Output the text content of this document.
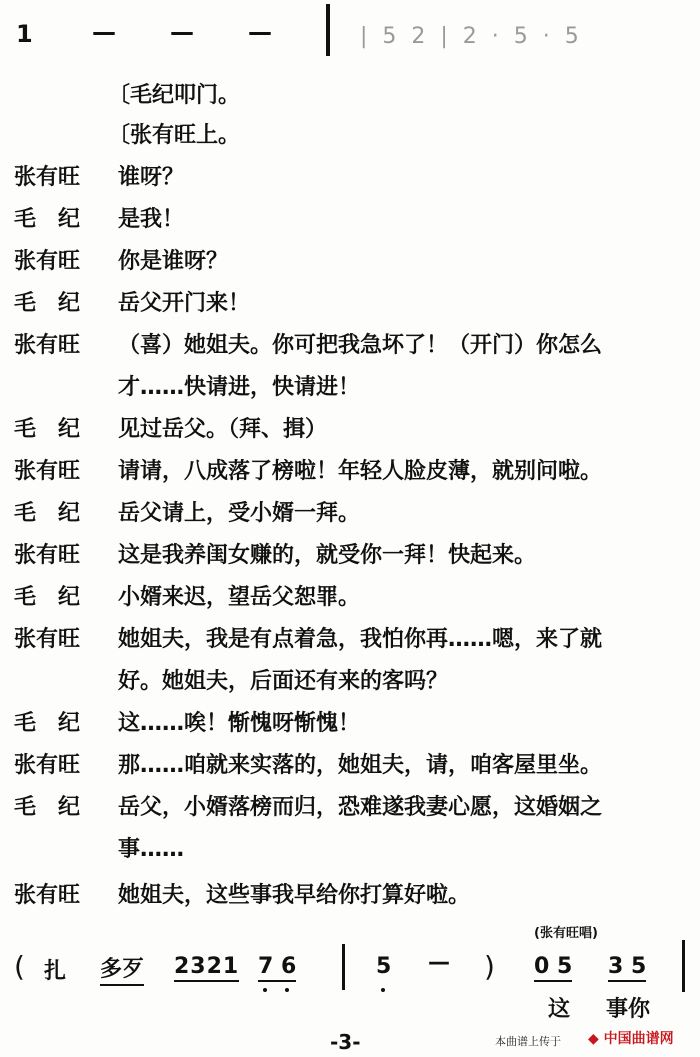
1 — — —	| 5 2 | 2 · 5 · 5
〔毛纪叩门。
〔张有旺上。
张有旺 谁呀？
毛　纪 是我！
张有旺 你是谁呀？
毛　纪 岳父开门来！
张有旺 （喜）她姐夫。你可把我急坏了！（开门）你怎么
才……快请进，快请进！
毛　纪 见过岳父。（拜、揖）
张有旺 请请，八成落了榜啦！年轻人脸皮薄，就别问啦。
毛　纪 岳父请上，受小婿一拜。
张有旺 这是我养闺女赚的，就受你一拜！快起来。
毛　纪 小婿来迟，望岳父恕罪。
张有旺 她姐夫，我是有点着急，我怕你再……嗯，来了就
好。她姐夫，后面还有来的客吗？
毛　纪 这……唉！惭愧呀惭愧！
张有旺 那……咱就来实落的，她姐夫，请，咱客屋里坐。
毛　纪 岳父，小婿落榜而归，恐难遂我妻心愿，这婚姻之
事……
张有旺 她姐夫，这些事我早给你打算好啦。
( 扎 多歹 2321 7 6	5 — )
(张有旺唱)
0 5 3 5
这 事你
-3-	本曲谱上传于 ◆ 中国曲谱网
